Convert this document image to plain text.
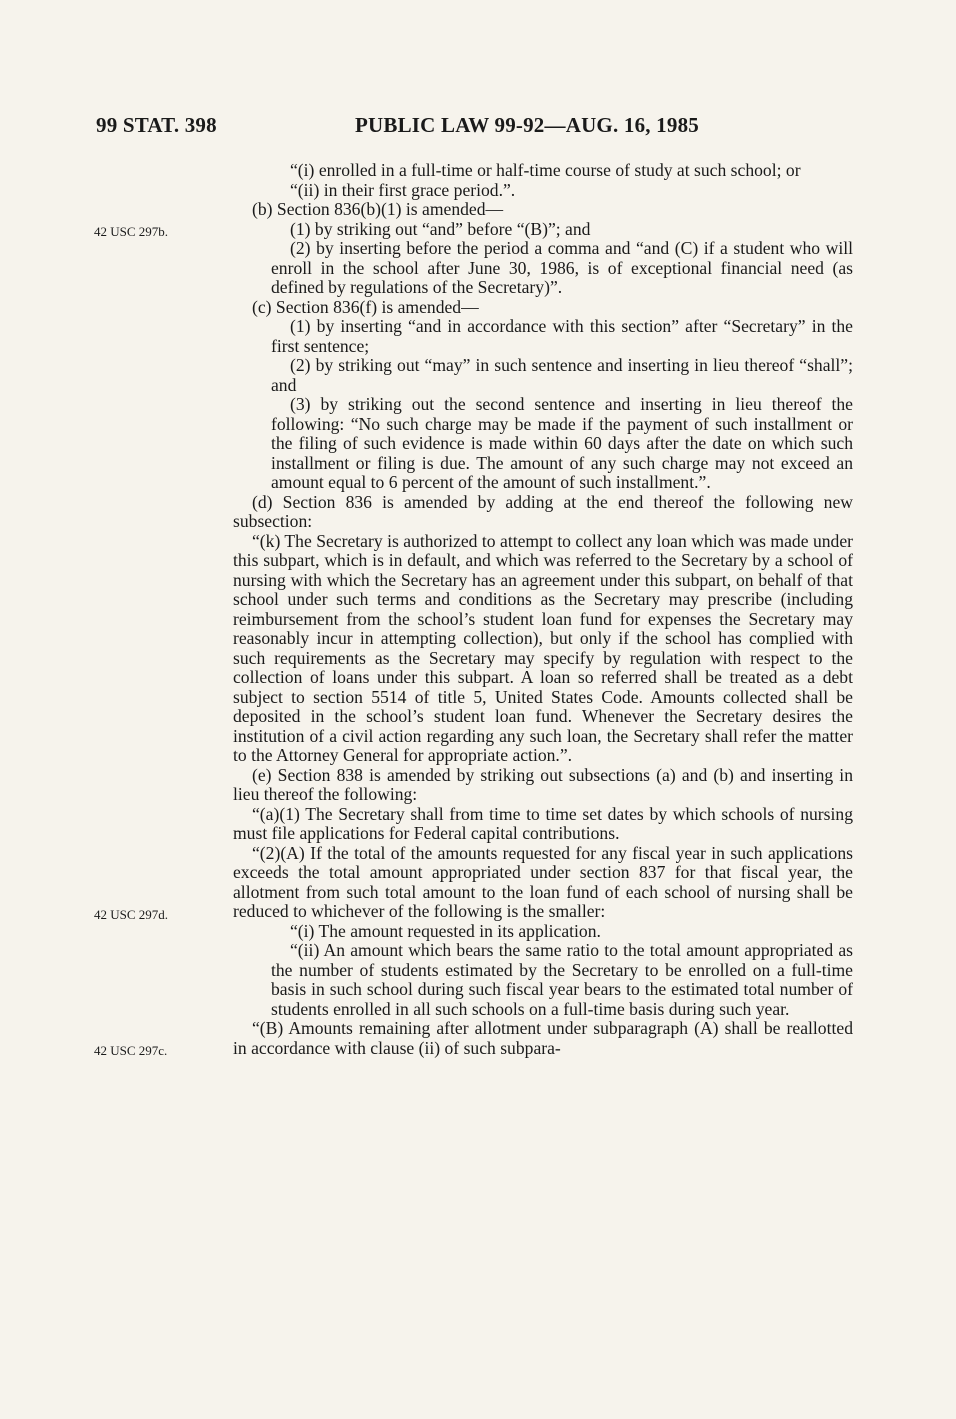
99 STAT. 398	PUBLIC LAW 99-92—AUG. 16, 1985
42 USC 297b.
42 USC 297d.
42 USC 297c.

“(i) enrolled in a full-time or half-time course of study at such school; or

“(ii) in their first grace period.”.

(b) Section 836(b)(1) is amended—

(1) by striking out “and” before “(B)”; and

(2) by inserting before the period a comma and “and (C) if a student who will enroll in the school after June 30, 1986, is of exceptional financial need (as defined by regulations of the Secretary)”.

(c) Section 836(f) is amended—

(1) by inserting “and in accordance with this section” after “Secretary” in the first sentence;

(2) by striking out “may” in such sentence and inserting in lieu thereof “shall”; and

(3) by striking out the second sentence and inserting in lieu thereof the following: “No such charge may be made if the payment of such installment or the filing of such evidence is made within 60 days after the date on which such installment or filing is due. The amount of any such charge may not exceed an amount equal to 6 percent of the amount of such installment.”.

(d) Section 836 is amended by adding at the end thereof the following new subsection:

“(k) The Secretary is authorized to attempt to collect any loan which was made under this subpart, which is in default, and which was referred to the Secretary by a school of nursing with which the Secretary has an agreement under this subpart, on behalf of that school under such terms and conditions as the Secretary may prescribe (including reimbursement from the school’s student loan fund for expenses the Secretary may reasonably incur in attempting collection), but only if the school has complied with such requirements as the Secretary may specify by regulation with respect to the collection of loans under this subpart. A loan so referred shall be treated as a debt subject to section 5514 of title 5, United States Code. Amounts collected shall be deposited in the school’s student loan fund. Whenever the Secretary desires the institution of a civil action regarding any such loan, the Secretary shall refer the matter to the Attorney General for appropriate action.”.

(e) Section 838 is amended by striking out subsections (a) and (b) and inserting in lieu thereof the following:

“(a)(1) The Secretary shall from time to time set dates by which schools of nursing must file applications for Federal capital contributions.

“(2)(A) If the total of the amounts requested for any fiscal year in such applications exceeds the total amount appropriated under section 837 for that fiscal year, the allotment from such total amount to the loan fund of each school of nursing shall be reduced to whichever of the following is the smaller:

“(i) The amount requested in its application.

“(ii) An amount which bears the same ratio to the total amount appropriated as the number of students estimated by the Secretary to be enrolled on a full-time basis in such school during such fiscal year bears to the estimated total number of students enrolled in all such schools on a full-time basis during such year.

“(B) Amounts remaining after allotment under subparagraph (A) shall be reallotted in accordance with clause (ii) of such subpara-
